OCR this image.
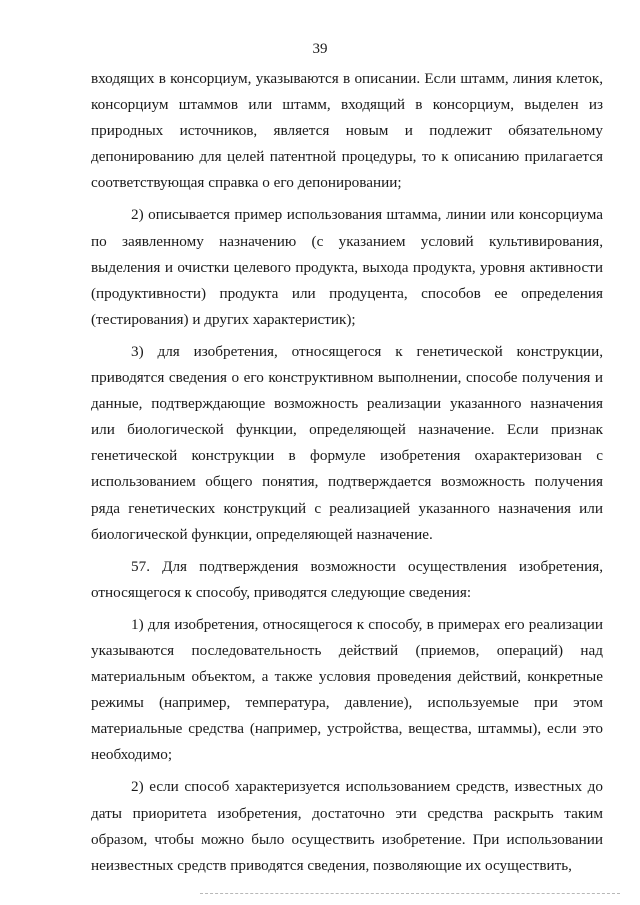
39

входящих в консорциум, указываются в описании. Если штамм, линия клеток, консорциум штаммов или штамм, входящий в консорциум, выделен из природных источников, является новым и подлежит обязательному депонированию для целей патентной процедуры, то к описанию прилагается соответствующая справка о его депонировании;

2) описывается пример использования штамма, линии или консорциума по заявленному назначению (с указанием условий культивирования, выделения и очистки целевого продукта, выхода продукта, уровня активности (продуктивности) продукта или продуцента, способов ее определения (тестирования) и других характеристик);

3) для изобретения, относящегося к генетической конструкции, приводятся сведения о его конструктивном выполнении, способе получения и данные, подтверждающие возможность реализации указанного назначения или биологической функции, определяющей назначение. Если признак генетической конструкции в формуле изобретения охарактеризован с использованием общего понятия, подтверждается возможность получения ряда генетических конструкций с реализацией указанного назначения или биологической функции, определяющей назначение.

57. Для подтверждения возможности осуществления изобретения, относящегося к способу, приводятся следующие сведения:

1) для изобретения, относящегося к способу, в примерах его реализации указываются последовательность действий (приемов, операций) над материальным объектом, а также условия проведения действий, конкретные режимы (например, температура, давление), используемые при этом материальные средства (например, устройства, вещества, штаммы), если это необходимо;

2) если способ характеризуется использованием средств, известных до даты приоритета изобретения, достаточно эти средства раскрыть таким образом, чтобы можно было осуществить изобретение. При использовании неизвестных средств приводятся сведения, позволяющие их осуществить,
